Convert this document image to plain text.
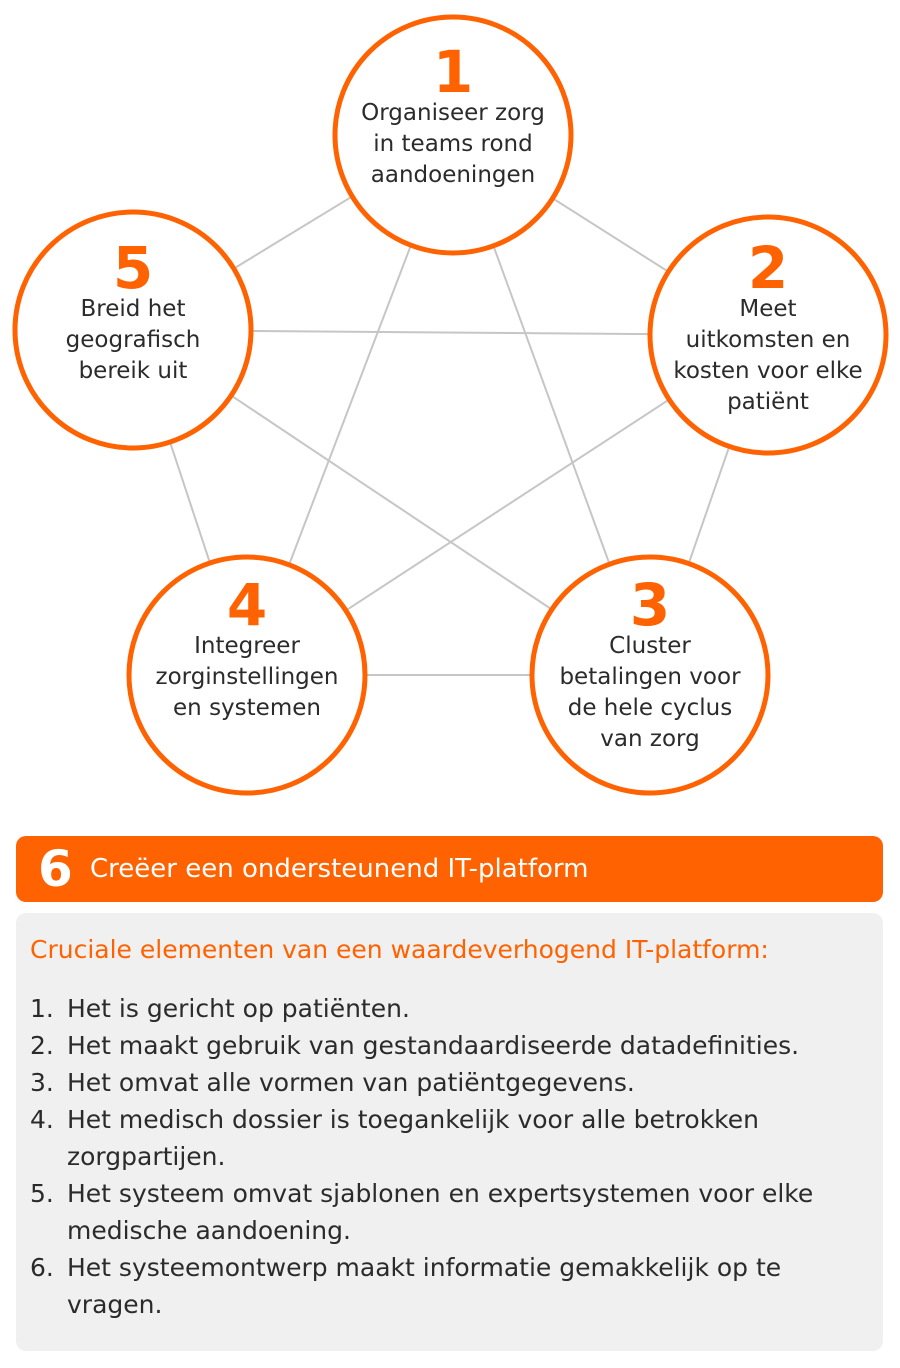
1
Organiseer zorg
in teams rond
aandoeningen
2
Meet
uitkomsten en
kosten voor elke
patiënt
3
Cluster
betalingen voor
de hele cyclus
van zorg
4
Integreer
zorginstellingen
en systemen
5
Breid het
geografisch
bereik uit
6 Creëer een ondersteunend IT-platform
Cruciale elementen van een waardeverhogend IT-platform:
1. Het is gericht op patiënten.
2. Het maakt gebruik van gestandaardiseerde datadefinities.
3. Het omvat alle vormen van patiëntgegevens.
4. Het medisch dossier is toegankelijk voor alle betrokken zorgpartijen.
5. Het systeem omvat sjablonen en expertsystemen voor elke medische aandoening.
6. Het systeemontwerp maakt informatie gemakkelijk op te vragen.
